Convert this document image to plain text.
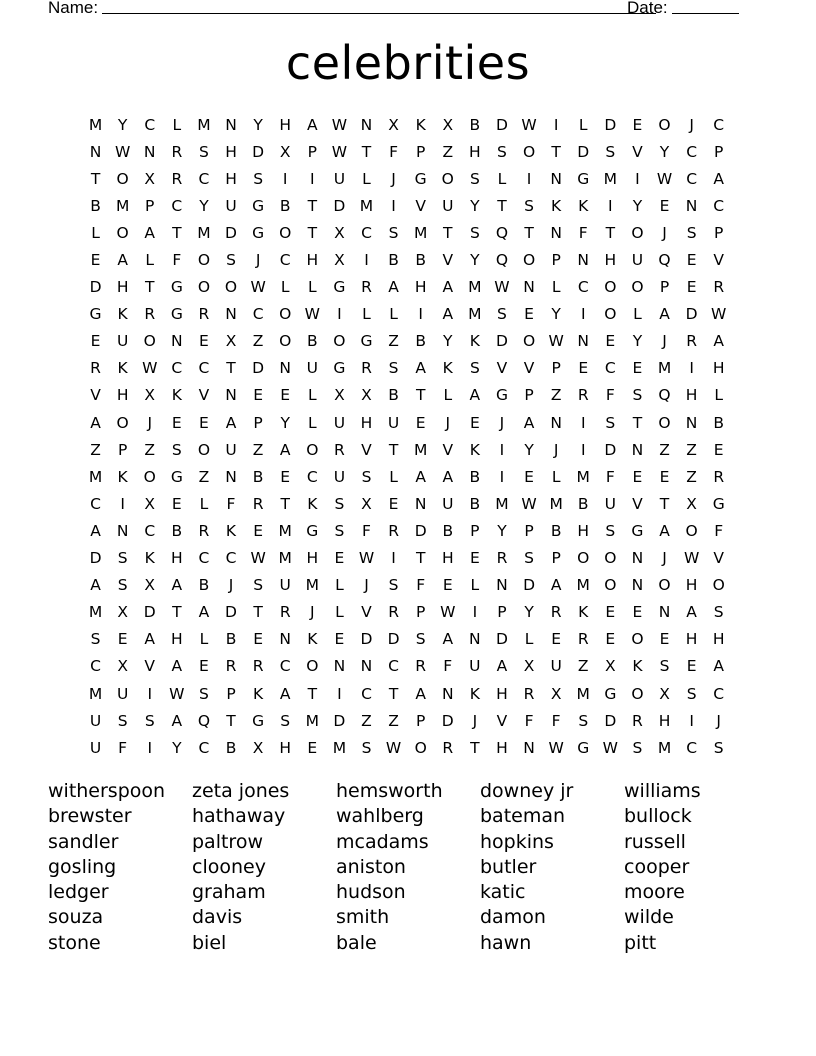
Name:

	Date:

celebrities
M	Y	C	L	M N	Y	H	A W N	X	K	X	B	D W	I	L	D	E	O	J	C
N W N	R	S	H D	X	P W T	F	P	Z	H	S	O	T	D	S	V	Y	C	P
T	O	X	R	C	H	S	I	I	U	L	J	G O	S	L	I	N G M	I	W C	A
B M	P	C	Y	U G	B	T	D M	I	V	U	Y	T	S	K	K	I	Y	E	N	C
L	O	A	T	M D G O	T	X	C	S M	T	S	Q	T	N	F	T	O	J	S	P
E	A	L	F	O	S	J	C	H	X	I	B	B	V	Y	Q O	P	N H	U Q	E	V
D H	T	G O O W L	L	G	R	A	H	A M W N	L	C	O O	P	E	R
G	K	R	G	R	N	C	O W	I	L	L	I	A M S	E	Y	I	O	L	A	D W
E	U O N	E	X	Z	O	B	O G	Z	B	Y	K	D O W N	E	Y	J	R	A
R	K W C	C	T	D N	U G	R	S	A	K	S	V	V	P	E	C	E	M	I	H
V	H	X	K	V	N	E	E	L	X	X	B	T	L	A	G	P	Z	R	F	S	Q H	L
A	O	J	E	E	A	P	Y	L	U	H	U	E	J	E	J	A	N	I	S	T	O N	B
Z	P	Z	S	O U	Z	A	O	R	V	T	M V	K	I	Y	J	I	D N	Z	Z	E
M K	O G	Z	N	B	E	C	U	S	L	A	A	B	I	E	L	M	F	E	E	Z	R
C	I	X	E	L	F	R	T	K	S	X	E	N	U	B M W M B	U	V	T	X	G
A	N	C	B	R	K	E	M G	S	F	R	D	B	P	Y	P	B	H	S	G	A	O	F
D	S	K	H	C	C W M H	E W	I	T	H	E	R	S	P	O O N	J	W V
A	S	X	A	B	J	S	U M	L	J	S	F	E	L	N D	A M O N O H O
M X	D	T	A	D	T	R	J	L	V	R	P W	I	P	Y	R	K	E	E	N	A	S
S	E	A	H	L	B	E	N	K	E	D D	S	A	N D	L	E	R	E	O	E	H H
C	X	V	A	E	R	R	C	O N N	C	R	F	U	A	X	U	Z	X	K	S	E	A
M U	I	W S	P	K	A	T	I	C	T	A	N	K	H	R	X M G O	X	S	C
U	S	S	A	Q	T	G	S M D	Z	Z	P	D	J	V	F	F	S	D	R	H	I	J
U	F	I	Y	C	B	X	H	E	M S W O	R	T	H N W G W S M C	S
witherspoon
brewster
sandler
gosling
ledger
souza
stone
zeta jones
hathaway
paltrow
clooney
graham
davis
biel
hemsworth
wahlberg
mcadams
aniston
hudson
smith
bale
downey jr
bateman
hopkins
butler
katic
damon
hawn
williams
bullock
russell
cooper
moore
wilde
pitt
